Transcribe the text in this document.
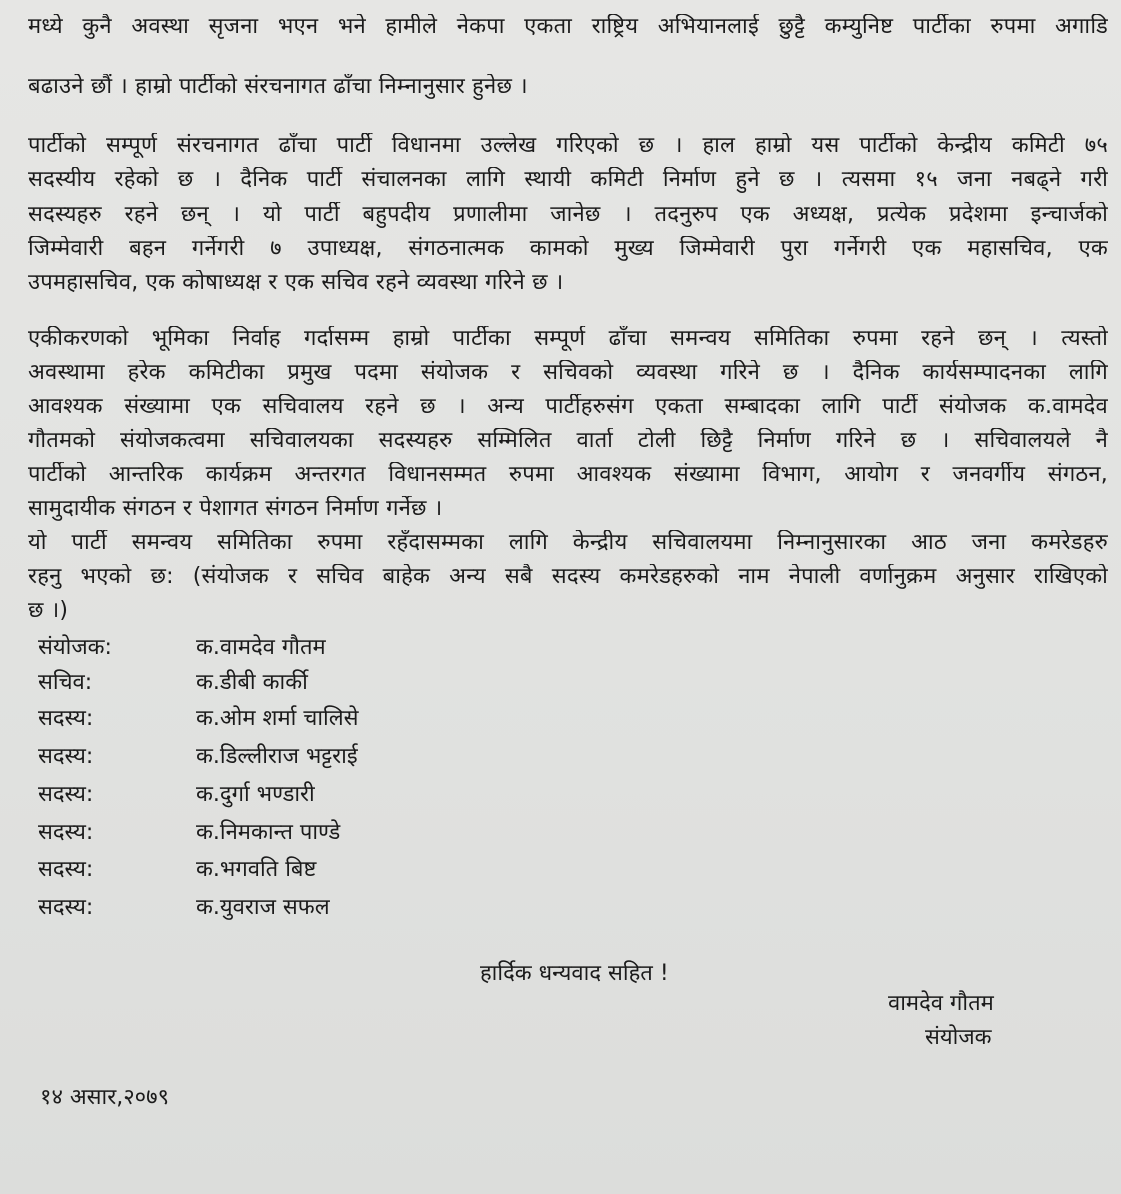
मध्ये कुनै अवस्था सृजना भएन भने हामीले नेकपा एकता राष्ट्रिय अभियानलाई छुट्टै कम्युनिष्ट पार्टीका रुपमा अगाडि
बढाउने छौं । हाम्रो पार्टीको संरचनागत ढाँचा निम्नानुसार हुनेछ ।
पार्टीको सम्पूर्ण संरचनागत ढाँचा पार्टी विधानमा उल्लेख गरिएको छ । हाल हाम्रो यस पार्टीको केन्द्रीय कमिटी ७५
सदस्यीय रहेको छ । दैनिक पार्टी संचालनका लागि स्थायी कमिटी निर्माण हुने छ । त्यसमा १५ जना नबढ्ने गरी
सदस्यहरु रहने छन् । यो पार्टी बहुपदीय प्रणालीमा जानेछ । तदनुरुप एक अध्यक्ष, प्रत्येक प्रदेशमा इन्चार्जको
जिम्मेवारी बहन गर्नेगरी ७ उपाध्यक्ष, संगठनात्मक कामको मुख्य जिम्मेवारी पुरा गर्नेगरी एक महासचिव, एक
उपमहासचिव, एक कोषाध्यक्ष र एक सचिव रहने व्यवस्था गरिने छ ।
एकीकरणको भूमिका निर्वाह गर्दासम्म हाम्रो पार्टीका सम्पूर्ण ढाँचा समन्वय समितिका रुपमा रहने छन् । त्यस्तो
अवस्थामा हरेक कमिटीका प्रमुख पदमा संयोजक र सचिवको व्यवस्था गरिने छ । दैनिक कार्यसम्पादनका लागि
आवश्यक संख्यामा एक सचिवालय रहने छ । अन्य पार्टीहरुसंग एकता सम्बादका लागि पार्टी संयोजक क.वामदेव
गौतमको संयोजकत्वमा सचिवालयका सदस्यहरु सम्मिलित वार्ता टोली छिट्टै निर्माण गरिने छ । सचिवालयले नै
पार्टीको आन्तरिक कार्यक्रम अन्तरगत विधानसम्मत रुपमा आवश्यक संख्यामा विभाग, आयोग र जनवर्गीय संगठन,
सामुदायीक संगठन र पेशागत संगठन निर्माण गर्नेछ ।
यो पार्टी समन्वय समितिका रुपमा रहँदासम्मका लागि केन्द्रीय सचिवालयमा निम्नानुसारका आठ जना कमरेडहरु
रहनु भएको छ: (संयोजक र सचिव बाहेक अन्य सबै सदस्य कमरेडहरुको नाम नेपाली वर्णानुक्रम अनुसार राखिएको
छ ।)
संयोजक:	क.वामदेव गौतम
सचिव:	क.डीबी कार्की
सदस्य:	क.ओम शर्मा चालिसे
सदस्य:	क.डिल्लीराज भट्टराई
सदस्य:	क.दुर्गा भण्डारी
सदस्य:	क.निमकान्त पाण्डे
सदस्य:	क.भगवति बिष्ट
सदस्य:	क.युवराज सफल
हार्दिक धन्यवाद सहित !
वामदेव गौतम
संयोजक
१४ असार,२०७९
